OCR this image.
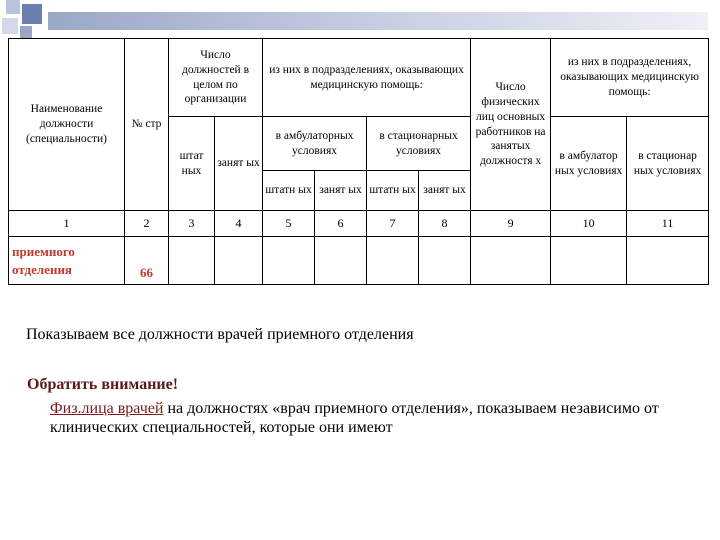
Наименование должности (специальности)	№ стр	Число должностей в целом по организации		из них в подразделениях, оказывающих медицинскую помощь:				Число физических лиц основных работников на занятых должностя х	из них в подразделениях, оказывающих медицинскую помощь:	
		штат ных	занят ых	в амбулаторных условиях		в стационарных условиях			в амбулатор ных условиях	в стационар ных условиях
				штатн ых	занят ых	штатн ых	занят ых			
1	2	3	4	5	6	7	8	9	10	11
приемного отделения	66									
Показываем все должности врачей приемного отделения
Обратить внимание!
Физ.лица врачей на должностях «врач приемного отделения», показываем независимо от клинических специальностей, которые они имеют
